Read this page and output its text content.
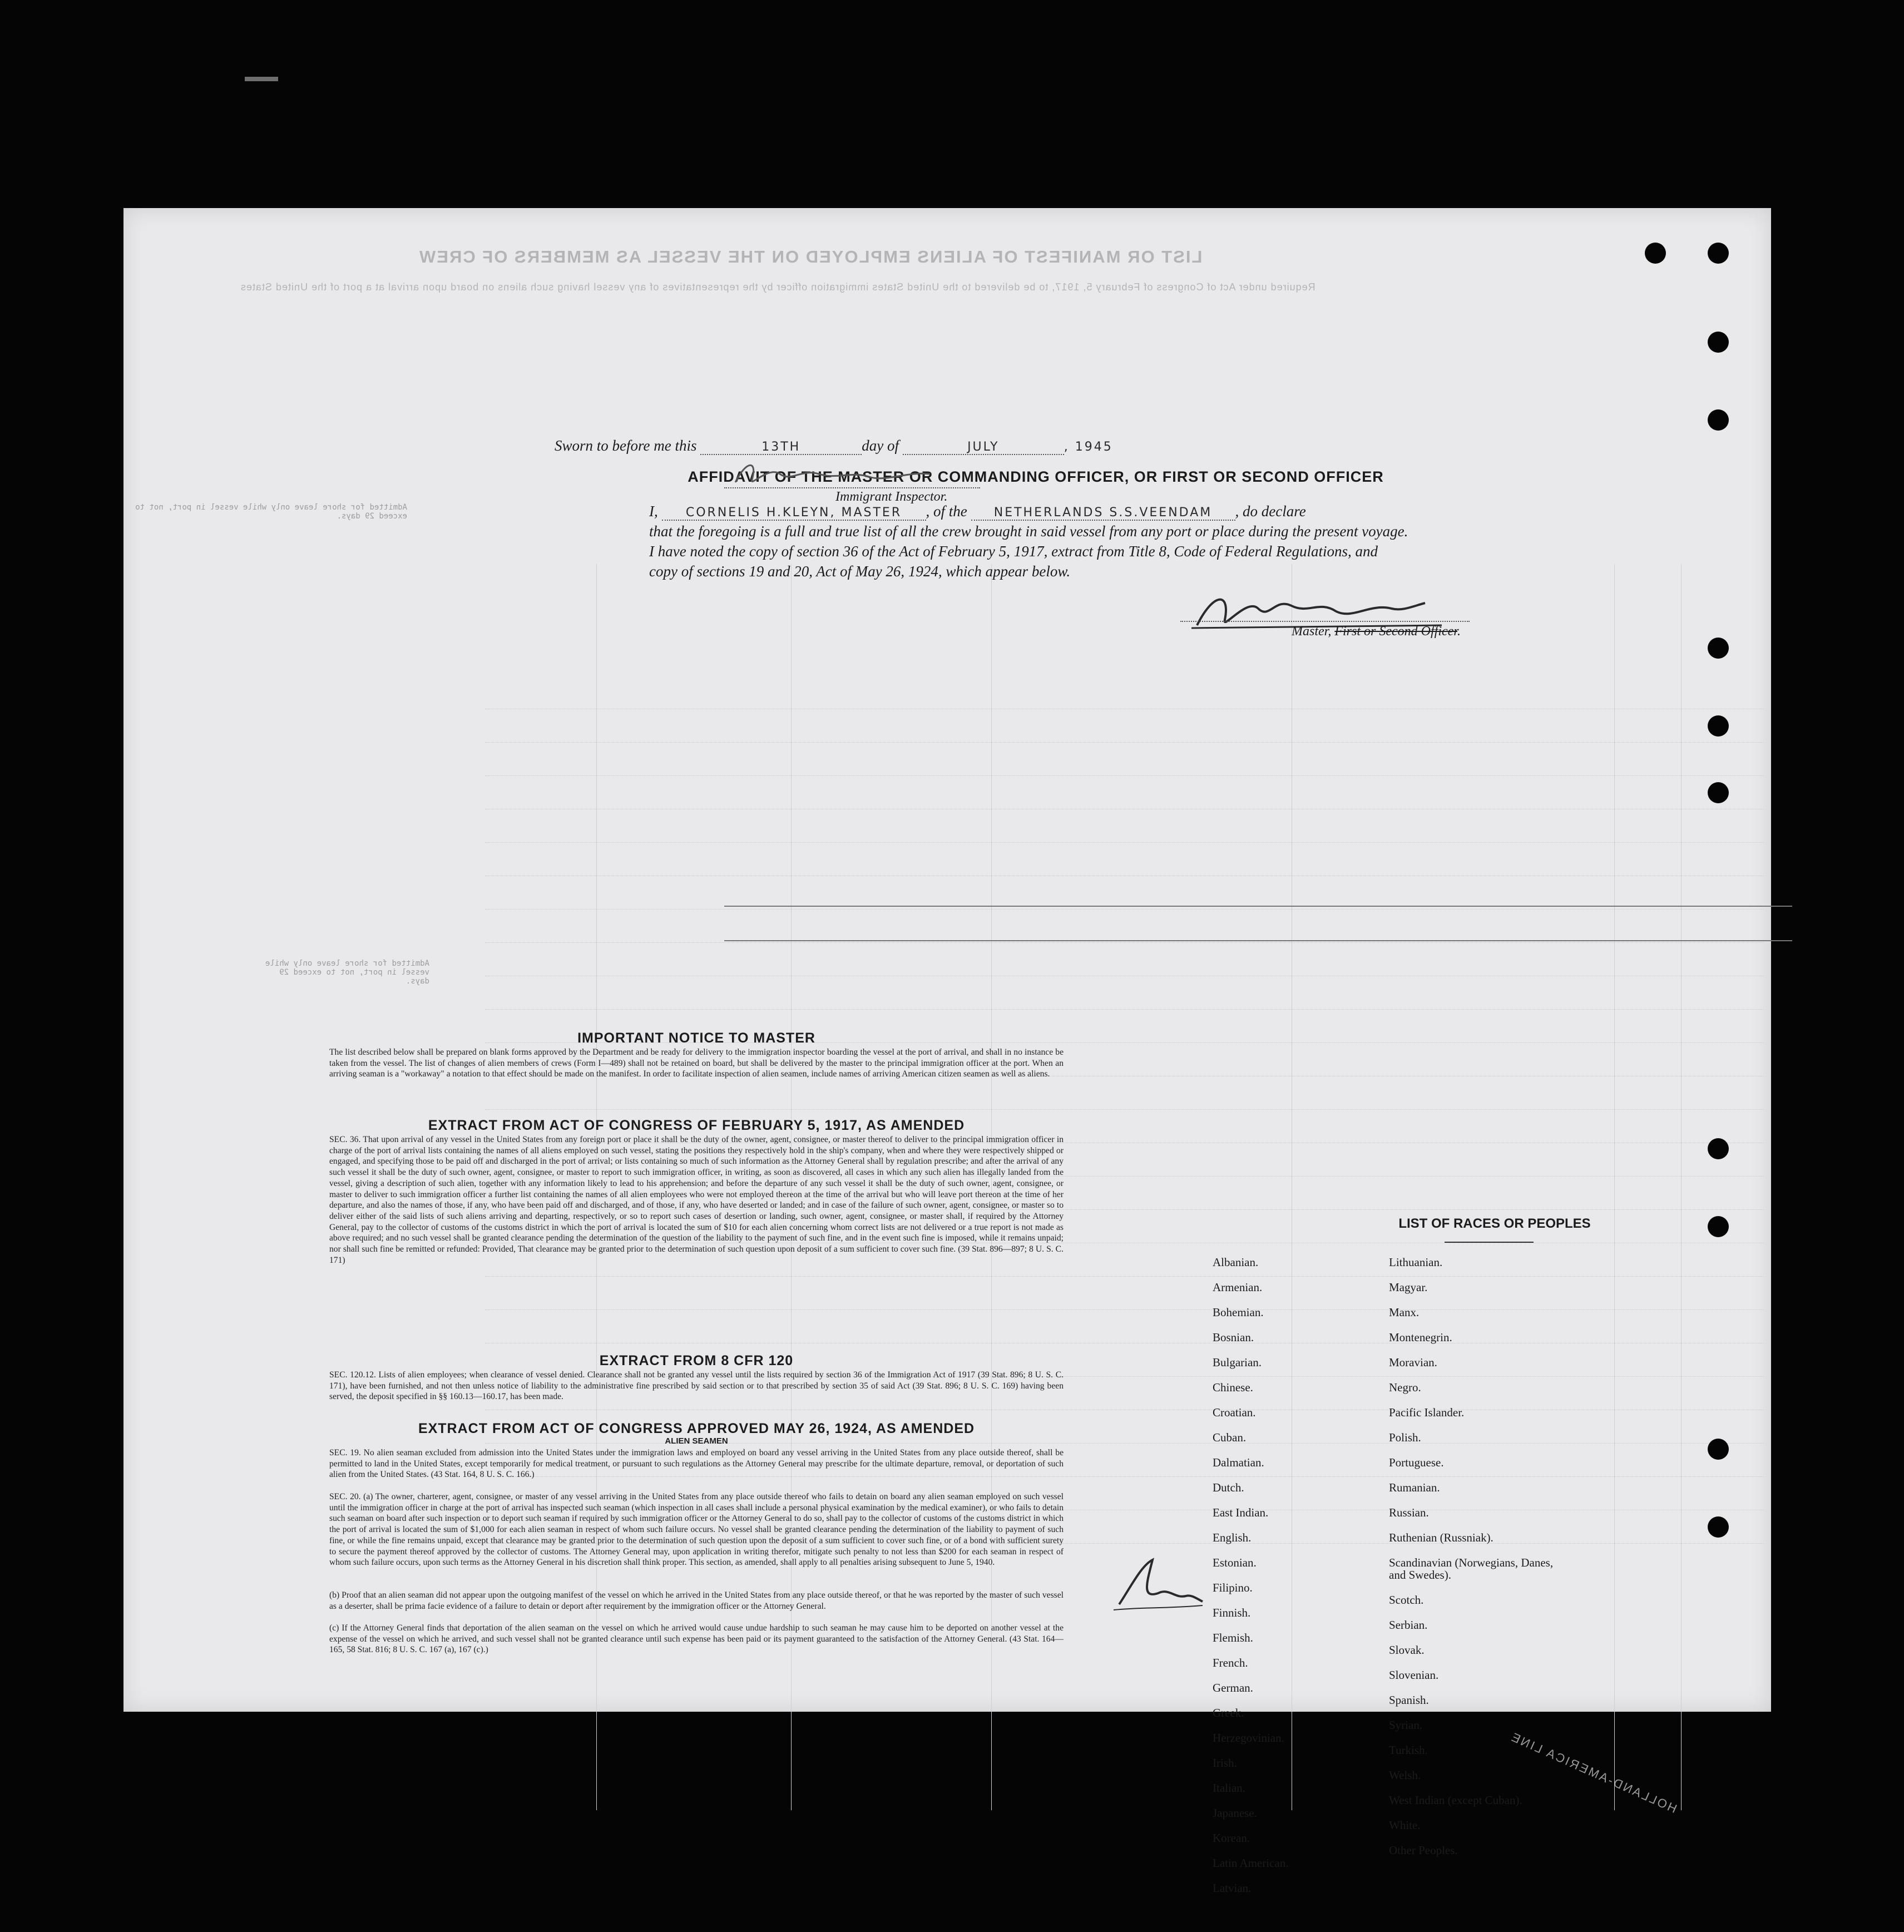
LIST OR MANIFEST OF ALIENS EMPLOYED ON THE VESSEL AS MEMBERS OF CREW
Required under Act of Congress of February 5, 1917, to be delivered to the United States immigration officer by the representatives of any vessel having such aliens on board upon arrival at a port of the United States
Admitted for shore leave only while vessel in port, not to exceed 29 days.
Admitted for shore leave only while vessel in port, not to exceed 29 days.
HOLLAND-AMERICA LINE
AFFIDAVIT OF THE MASTER OR COMMANDING OFFICER, OR FIRST OR SECOND OFFICER
I, CORNELIS H.KLEYN, MASTER , of the NETHERLANDS S.S.VEENDAM , do declare
that the foregoing is a full and true list of all the crew brought in said vessel from any port or place during the present voyage.
I have noted the copy of section 36 of the Act of February 5, 1917, extract from Title 8, Code of Federal Regulations, and
copy of sections 19 and 20, Act of May 26, 1924, which appear below.
Master, First or Second Officer.
Sworn to before me this	13TH	day of	JULY	, 1945
Immigrant Inspector.
IMPORTANT NOTICE TO MASTER
The list described below shall be prepared on blank forms approved by the Department and be ready for delivery to the immigration inspector boarding the vessel at the port of arrival, and shall in no instance be taken from the vessel. The list of changes of alien members of crews (Form I—489) shall not be retained on board, but shall be delivered by the master to the principal immigration officer at the port. When an arriving seaman is a "workaway" a notation to that effect should be made on the manifest. In order to facilitate inspection of alien seamen, include names of arriving American citizen seamen as well as aliens.
EXTRACT FROM ACT OF CONGRESS OF FEBRUARY 5, 1917, AS AMENDED
SEC. 36. That upon arrival of any vessel in the United States from any foreign port or place it shall be the duty of the owner, agent, consignee, or master thereof to deliver to the principal immigration officer in charge of the port of arrival lists containing the names of all aliens employed on such vessel, stating the positions they respectively hold in the ship's company, when and where they were respectively shipped or engaged, and specifying those to be paid off and discharged in the port of arrival; or lists containing so much of such information as the Attorney General shall by regulation prescribe; and after the arrival of any such vessel it shall be the duty of such owner, agent, consignee, or master to report to such immigration officer, in writing, as soon as discovered, all cases in which any such alien has illegally landed from the vessel, giving a description of such alien, together with any information likely to lead to his apprehension; and before the departure of any such vessel it shall be the duty of such owner, agent, consignee, or master to deliver to such immigration officer a further list containing the names of all alien employees who were not employed thereon at the time of the arrival but who will leave port thereon at the time of her departure, and also the names of those, if any, who have been paid off and discharged, and of those, if any, who have deserted or landed; and in case of the failure of such owner, agent, consignee, or master so to deliver either of the said lists of such aliens arriving and departing, respectively, or so to report such cases of desertion or landing, such owner, agent, consignee, or master shall, if required by the Attorney General, pay to the collector of customs of the customs district in which the port of arrival is located the sum of $10 for each alien concerning whom correct lists are not delivered or a true report is not made as above required; and no such vessel shall be granted clearance pending the determination of the question of the liability to the payment of such fine, and in the event such fine is imposed, while it remains unpaid; nor shall such fine be remitted or refunded: Provided, That clearance may be granted prior to the determination of such question upon deposit of a sum sufficient to cover such fine. (39 Stat. 896—897; 8 U. S. C. 171)
EXTRACT FROM 8 CFR 120
SEC. 120.12. Lists of alien employees; when clearance of vessel denied. Clearance shall not be granted any vessel until the lists required by section 36 of the Immigration Act of 1917 (39 Stat. 896; 8 U. S. C. 171), have been furnished, and not then unless notice of liability to the administrative fine prescribed by said section or to that prescribed by section 35 of said Act (39 Stat. 896; 8 U. S. C. 169) having been served, the deposit specified in §§ 160.13—160.17, has been made.
EXTRACT FROM ACT OF CONGRESS APPROVED MAY 26, 1924, AS AMENDED
ALIEN SEAMEN
SEC. 19. No alien seaman excluded from admission into the United States under the immigration laws and employed on board any vessel arriving in the United States from any place outside thereof, shall be permitted to land in the United States, except temporarily for medical treatment, or pursuant to such regulations as the Attorney General may prescribe for the ultimate departure, removal, or deportation of such alien from the United States. (43 Stat. 164, 8 U. S. C. 166.)
SEC. 20. (a) The owner, charterer, agent, consignee, or master of any vessel arriving in the United States from any place outside thereof who fails to detain on board any alien seaman employed on such vessel until the immigration officer in charge at the port of arrival has inspected such seaman (which inspection in all cases shall include a personal physical examination by the medical examiner), or who fails to detain such seaman on board after such inspection or to deport such seaman if required by such immigration officer or the Attorney General to do so, shall pay to the collector of customs of the customs district in which the port of arrival is located the sum of $1,000 for each alien seaman in respect of whom such failure occurs. No vessel shall be granted clearance pending the determination of the liability to payment of such fine, or while the fine remains unpaid, except that clearance may be granted prior to the determination of such question upon the deposit of a sum sufficient to cover such fine, or of a bond with sufficient surety to secure the payment thereof approved by the collector of customs. The Attorney General may, upon application in writing therefor, mitigate such penalty to not less than $200 for each seaman in respect of whom such failure occurs, upon such terms as the Attorney General in his discretion shall think proper. This section, as amended, shall apply to all penalties arising subsequent to June 5, 1940.
(b) Proof that an alien seaman did not appear upon the outgoing manifest of the vessel on which he arrived in the United States from any place outside thereof, or that he was reported by the master of such vessel as a deserter, shall be prima facie evidence of a failure to detain or deport after requirement by the immigration officer or the Attorney General.
(c) If the Attorney General finds that deportation of the alien seaman on the vessel on which he arrived would cause undue hardship to such seaman he may cause him to be deported on another vessel at the expense of the vessel on which he arrived, and such vessel shall not be granted clearance until such expense has been paid or its payment guaranteed to the satisfaction of the Attorney General. (43 Stat. 164—165, 58 Stat. 816; 8 U. S. C. 167 (a), 167 (c).)
LIST OF RACES OR PEOPLES
Albanian.
Armenian.
Bohemian.
Bosnian.
Bulgarian.
Chinese.
Croatian.
Cuban.
Dalmatian.
Dutch.
East Indian.
English.
Estonian.
Filipino.
Finnish.
Flemish.
French.
German.
Greek.
Herzegovinian.
Irish.
Italian.
Japanese.
Korean.
Latin American.
Latvian.
Lithuanian.
Magyar.
Manx.
Montenegrin.
Moravian.
Negro.
Pacific Islander.
Polish.
Portuguese.
Rumanian.
Russian.
Ruthenian (Russniak).
Scandinavian (Norwegians, Danes, and Swedes).
Scotch.
Serbian.
Slovak.
Slovenian.
Spanish.
Syrian.
Turkish.
Welsh.
West Indian (except Cuban).
White.
Other Peoples.
